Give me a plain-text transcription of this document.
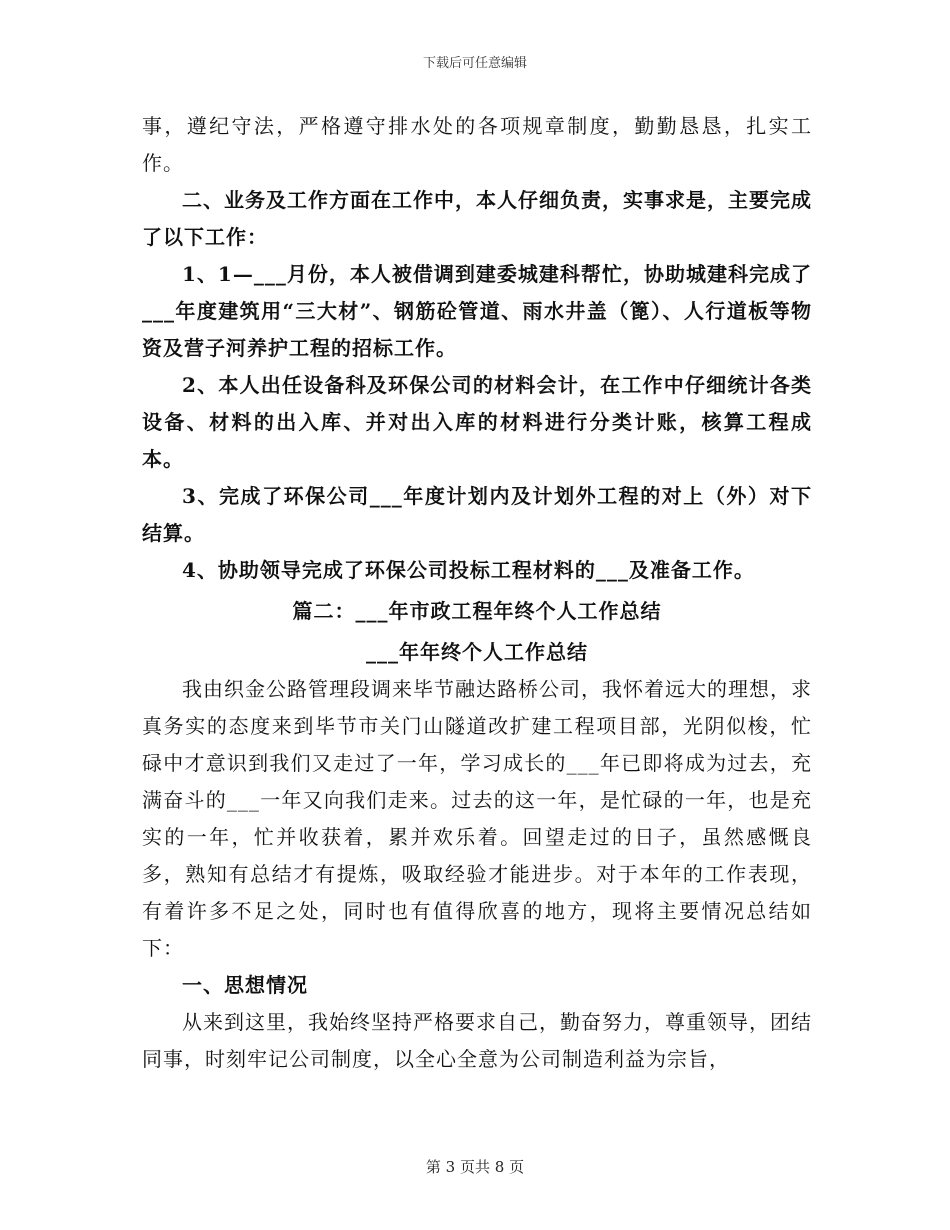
下载后可任意编辑

事，遵纪守法，严格遵守排水处的各项规章制度，勤勤恳恳，扎实工作。

二、业务及工作方面在工作中，本人仔细负责，实事求是，主要完成了以下工作：

1、1—___月份，本人被借调到建委城建科帮忙，协助城建科完成了___年度建筑用“三大材”、钢筋砼管道、雨水井盖（篦）、人行道板等物资及营子河养护工程的招标工作。

2、本人出任设备科及环保公司的材料会计，在工作中仔细统计各类设备、材料的出入库、并对出入库的材料进行分类计账，核算工程成本。

3、完成了环保公司___年度计划内及计划外工程的对上（外）对下结算。

4、协助领导完成了环保公司投标工程材料的___及准备工作。

篇二：___年市政工程年终个人工作总结

___年年终个人工作总结

我由织金公路管理段调来毕节融达路桥公司，我怀着远大的理想，求真务实的态度来到毕节市关门山隧道改扩建工程项目部，光阴似梭，忙碌中才意识到我们又走过了一年，学习成长的___年已即将成为过去，充满奋斗的___一年又向我们走来。过去的这一年，是忙碌的一年，也是充实的一年，忙并收获着，累并欢乐着。回望走过的日子，虽然感慨良多，熟知有总结才有提炼，吸取经验才能进步。对于本年的工作表现，有着许多不足之处，同时也有值得欣喜的地方，现将主要情况总结如下：

一、思想情况

从来到这里，我始终坚持严格要求自己，勤奋努力，尊重领导，团结同事，时刻牢记公司制度，以全心全意为公司制造利益为宗旨，

第 3 页共 8 页
